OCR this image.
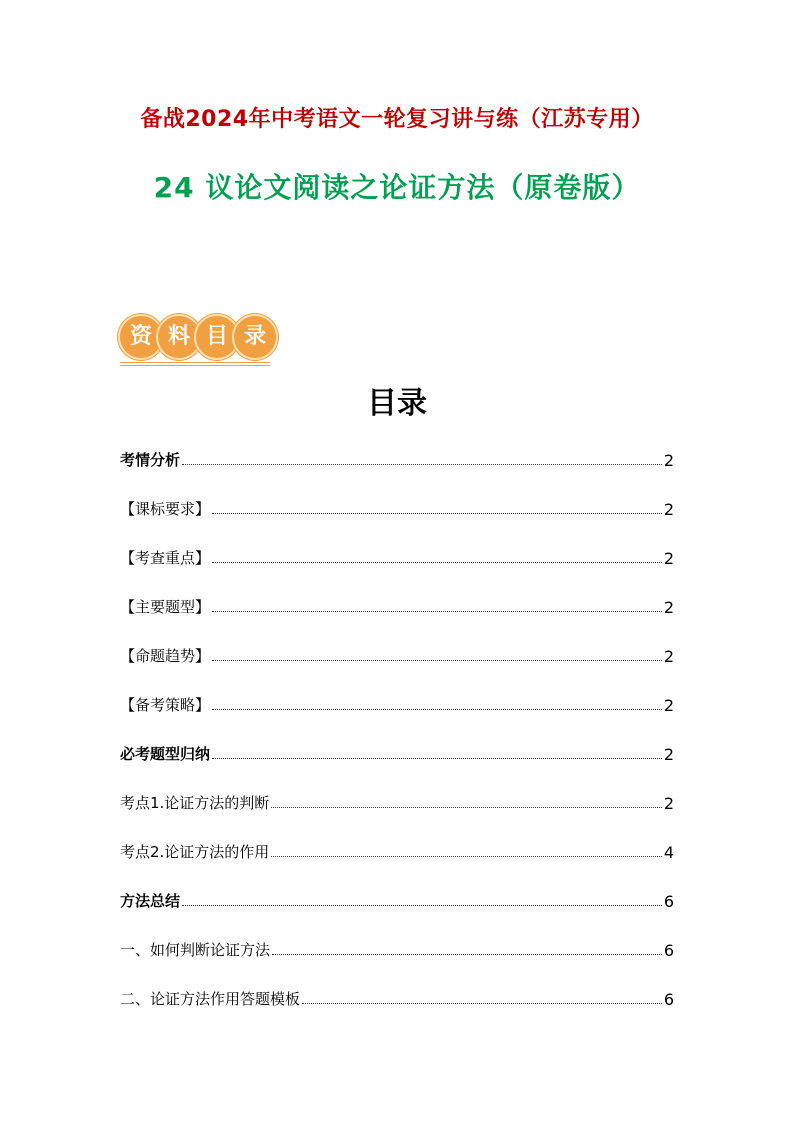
备战2024年中考语文一轮复习讲与练（江苏专用）
24 议论文阅读之论证方法（原卷版）
资 料 目 录
目录
考情分析	2
【课标要求】	2
【考查重点】	2
【主要题型】	2
【命题趋势】	2
【备考策略】	2
必考题型归纳	2
考点1.论证方法的判断	2
考点2.论证方法的作用	4
方法总结	6
一、如何判断论证方法	6
二、论证方法作用答题模板	6
